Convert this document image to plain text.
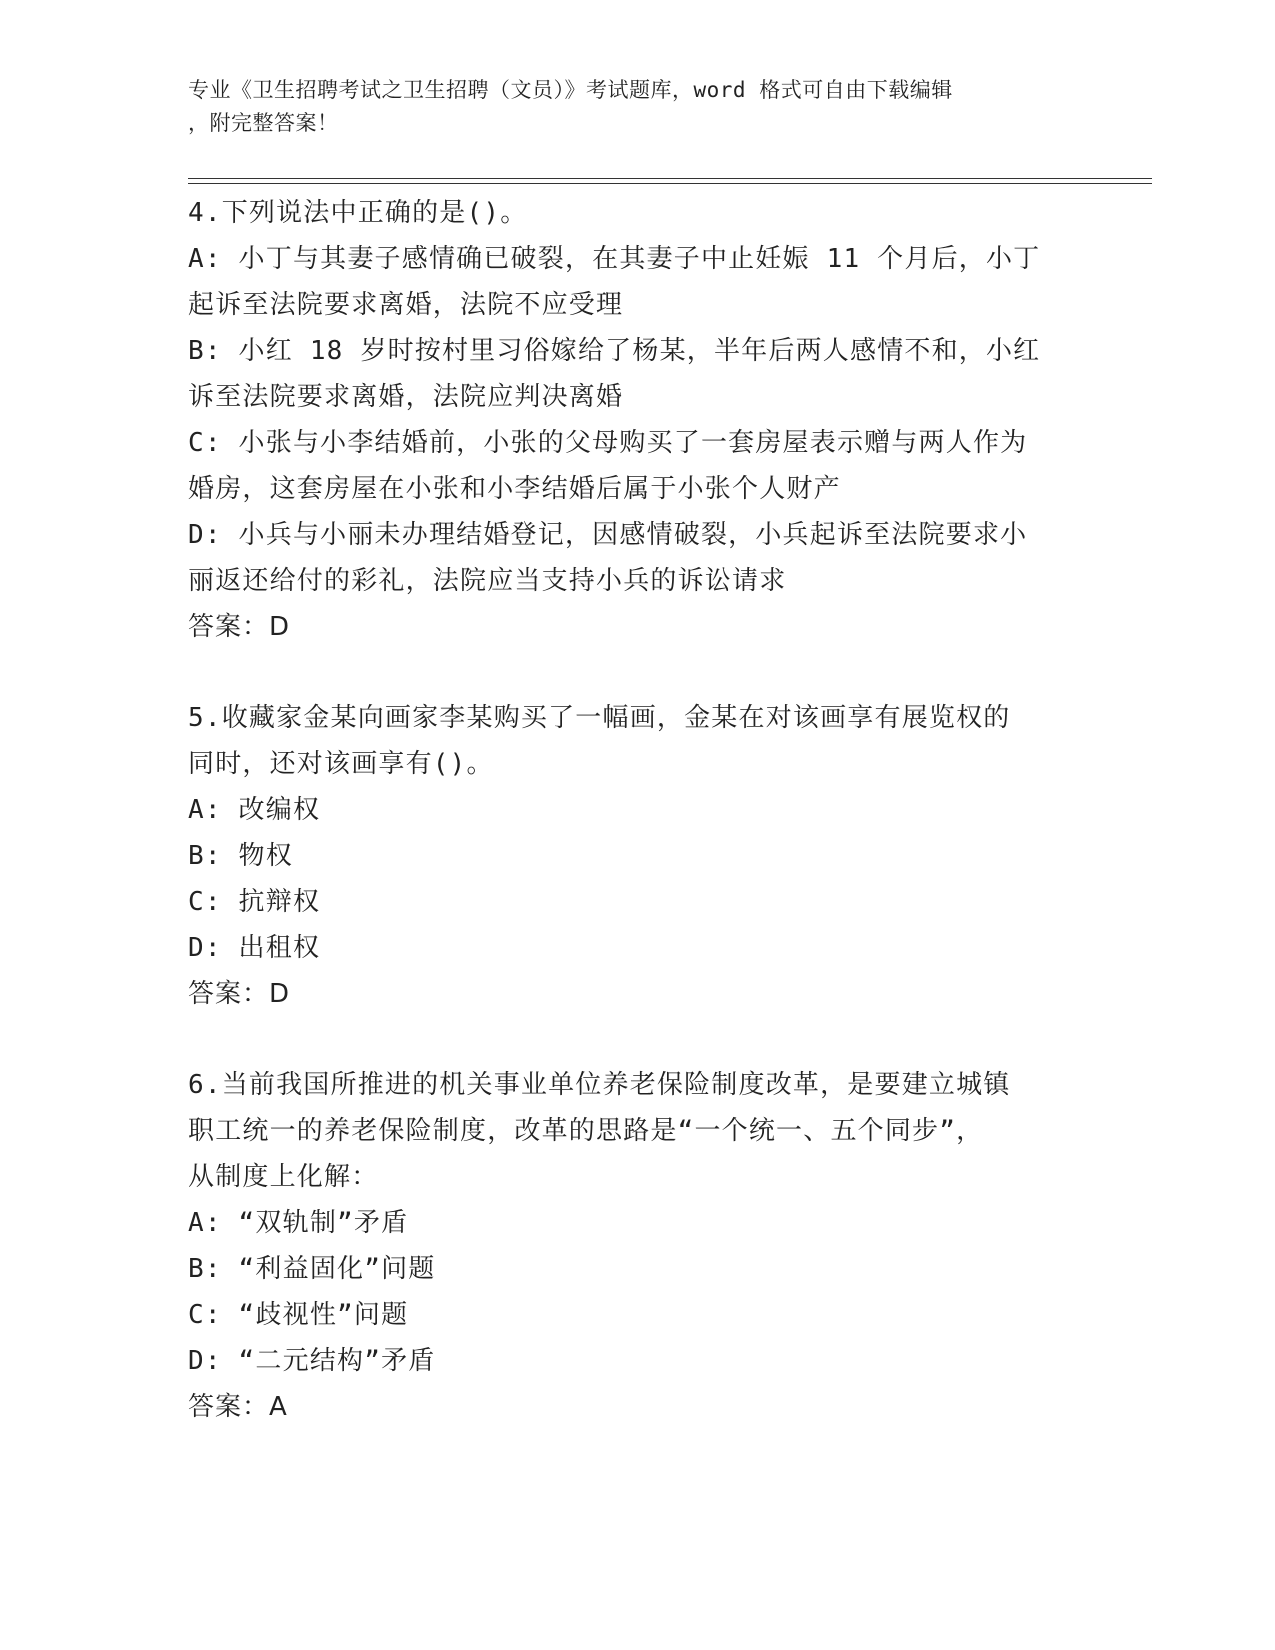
专业《卫生招聘考试之卫生招聘（文员）》考试题库，word 格式可自由下载编辑
，附完整答案！
4.下列说法中正确的是()。
A: 小丁与其妻子感情确已破裂，在其妻子中止妊娠 11 个月后，小丁
起诉至法院要求离婚，法院不应受理
B: 小红 18 岁时按村里习俗嫁给了杨某，半年后两人感情不和，小红
诉至法院要求离婚，法院应判决离婚
C: 小张与小李结婚前，小张的父母购买了一套房屋表示赠与两人作为
婚房，这套房屋在小张和小李结婚后属于小张个人财产
D: 小兵与小丽未办理结婚登记，因感情破裂，小兵起诉至法院要求小
丽返还给付的彩礼，法院应当支持小兵的诉讼请求
答案：D
5.收藏家金某向画家李某购买了一幅画，金某在对该画享有展览权的
同时，还对该画享有()。
A: 改编权
B: 物权
C: 抗辩权
D: 出租权
答案：D
6.当前我国所推进的机关事业单位养老保险制度改革，是要建立城镇
职工统一的养老保险制度，改革的思路是“一个统一、五个同步”，
从制度上化解：
A: “双轨制”矛盾
B: “利益固化”问题
C: “歧视性”问题
D: “二元结构”矛盾
答案：A
